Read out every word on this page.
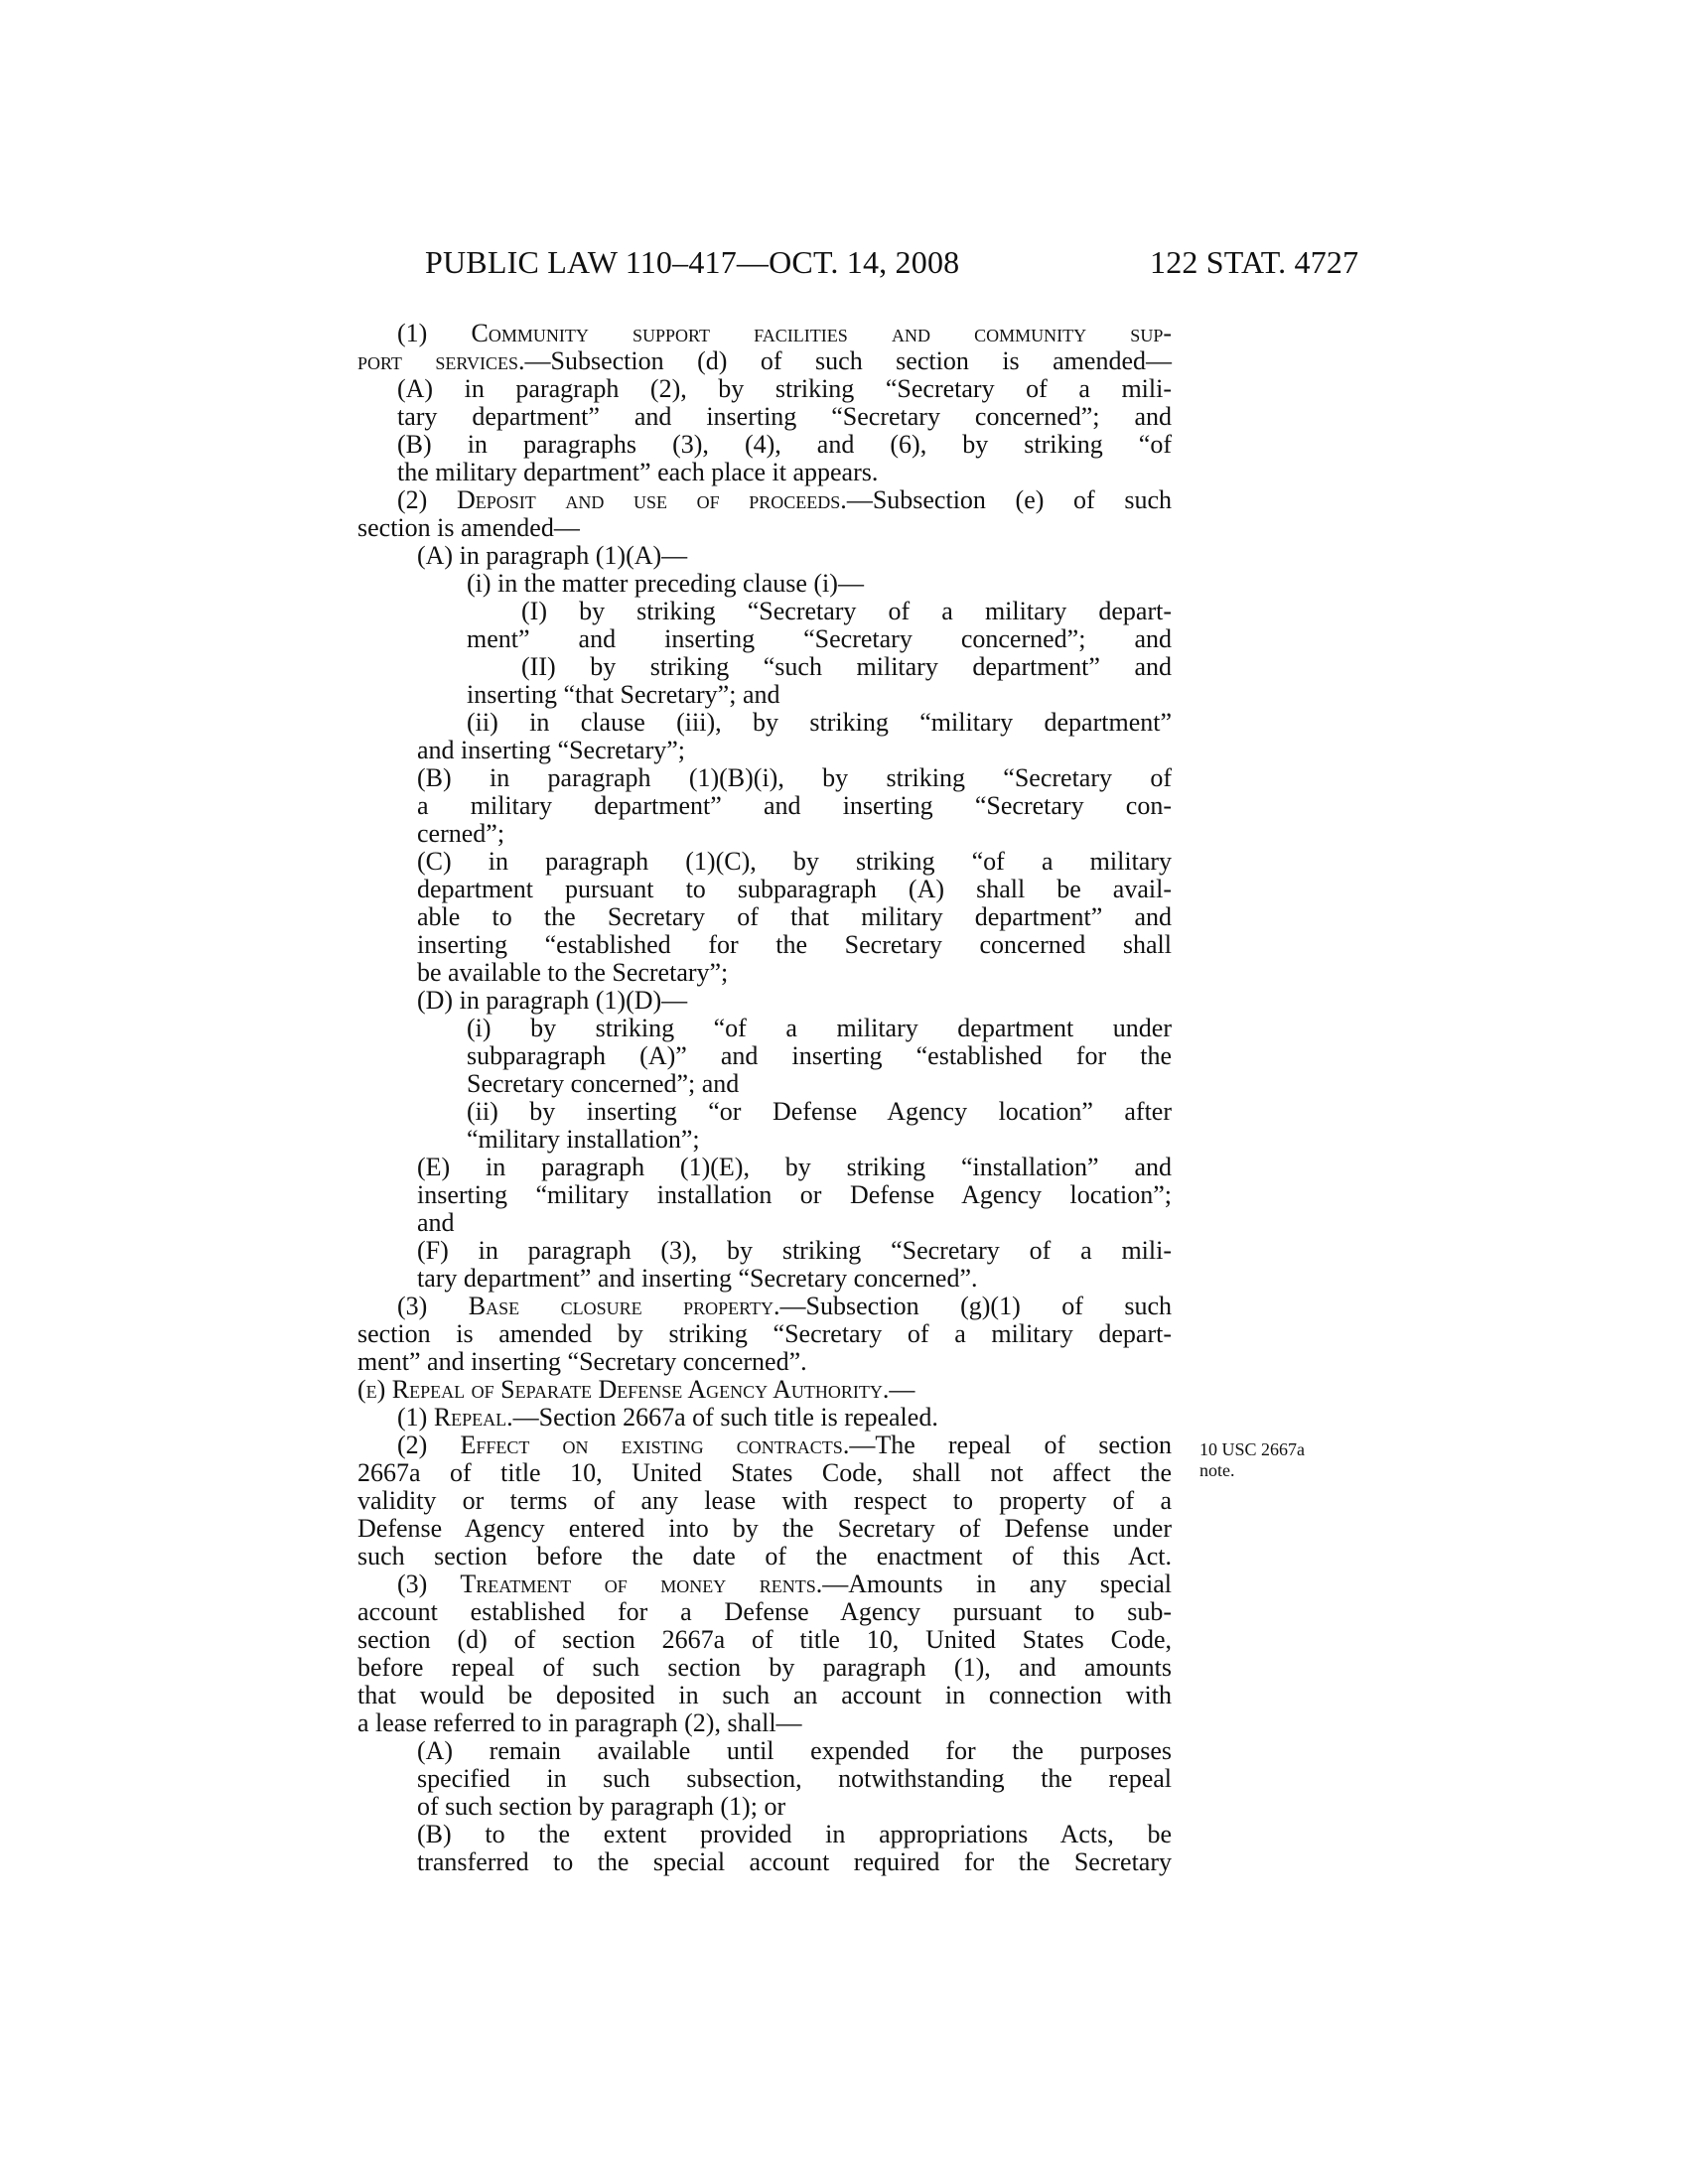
PUBLIC LAW 110–417—OCT. 14, 2008	122 STAT. 4727
(1) Community support facilities and community sup-
port services.—Subsection (d) of such section is amended—
(A) in paragraph (2), by striking “Secretary of a mili-
tary department” and inserting “Secretary concerned”; and
(B) in paragraphs (3), (4), and (6), by striking “of
the military department” each place it appears.
(2) Deposit and use of proceeds.—Subsection (e) of such
section is amended—
(A) in paragraph (1)(A)—
(i) in the matter preceding clause (i)—
(I) by striking “Secretary of a military depart-
ment” and inserting “Secretary concerned”; and
(II) by striking “such military department” and
inserting “that Secretary”; and
(ii) in clause (iii), by striking “military department”
and inserting “Secretary”;
(B) in paragraph (1)(B)(i), by striking “Secretary of
a military department” and inserting “Secretary con-
cerned”;
(C) in paragraph (1)(C), by striking “of a military
department pursuant to subparagraph (A) shall be avail-
able to the Secretary of that military department” and
inserting “established for the Secretary concerned shall
be available to the Secretary”;
(D) in paragraph (1)(D)—
(i) by striking “of a military department under
subparagraph (A)” and inserting “established for the
Secretary concerned”; and
(ii) by inserting “or Defense Agency location” after
“military installation”;
(E) in paragraph (1)(E), by striking “installation” and
inserting “military installation or Defense Agency location”;
and
(F) in paragraph (3), by striking “Secretary of a mili-
tary department” and inserting “Secretary concerned”.
(3) Base closure property.—Subsection (g)(1) of such
section is amended by striking “Secretary of a military depart-
ment” and inserting “Secretary concerned”.
(e) Repeal of Separate Defense Agency Authority.—
(1) Repeal.—Section 2667a of such title is repealed.
(2) Effect on existing contracts.—The repeal of section
2667a of title 10, United States Code, shall not affect the
validity or terms of any lease with respect to property of a
Defense Agency entered into by the Secretary of Defense under
such section before the date of the enactment of this Act.
(3) Treatment of money rents.—Amounts in any special
account established for a Defense Agency pursuant to sub-
section (d) of section 2667a of title 10, United States Code,
before repeal of such section by paragraph (1), and amounts
that would be deposited in such an account in connection with
a lease referred to in paragraph (2), shall—
(A) remain available until expended for the purposes
specified in such subsection, notwithstanding the repeal
of such section by paragraph (1); or
(B) to the extent provided in appropriations Acts, be
transferred to the special account required for the Secretary
10 USC 2667a
note.
